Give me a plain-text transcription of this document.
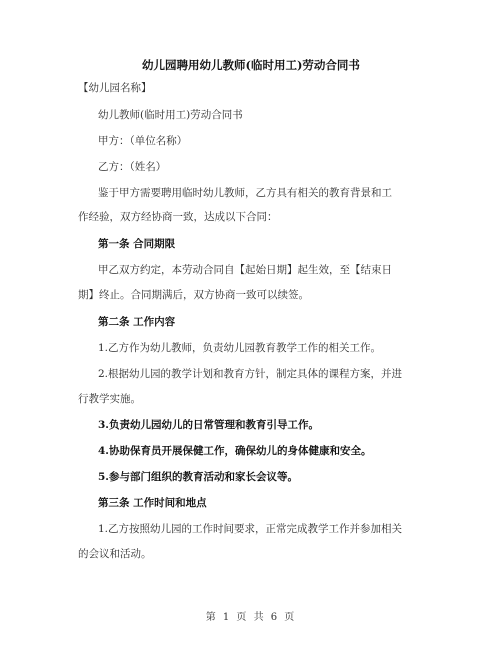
幼儿园聘用幼儿教师(临时用工)劳动合同书
【幼儿园名称】
幼儿教师(临时用工)劳动合同书
甲方：（单位名称）
乙方：（姓名）
鉴于甲方需要聘用临时幼儿教师，乙方具有相关的教育背景和工
作经验，双方经协商一致，达成以下合同：
第一条 合同期限
甲乙双方约定，本劳动合同自【起始日期】起生效，至【结束日
期】终止。合同期满后，双方协商一致可以续签。
第二条 工作内容
1.乙方作为幼儿教师，负责幼儿园教育教学工作的相关工作。
2.根据幼儿园的教学计划和教育方针，制定具体的课程方案，并进
行教学实施。
3.负责幼儿园幼儿的日常管理和教育引导工作。
4.协助保育员开展保健工作，确保幼儿的身体健康和安全。
5.参与部门组织的教育活动和家长会议等。
第三条 工作时间和地点
1.乙方按照幼儿园的工作时间要求，正常完成教学工作并参加相关
的会议和活动。
第 1 页 共 6 页
